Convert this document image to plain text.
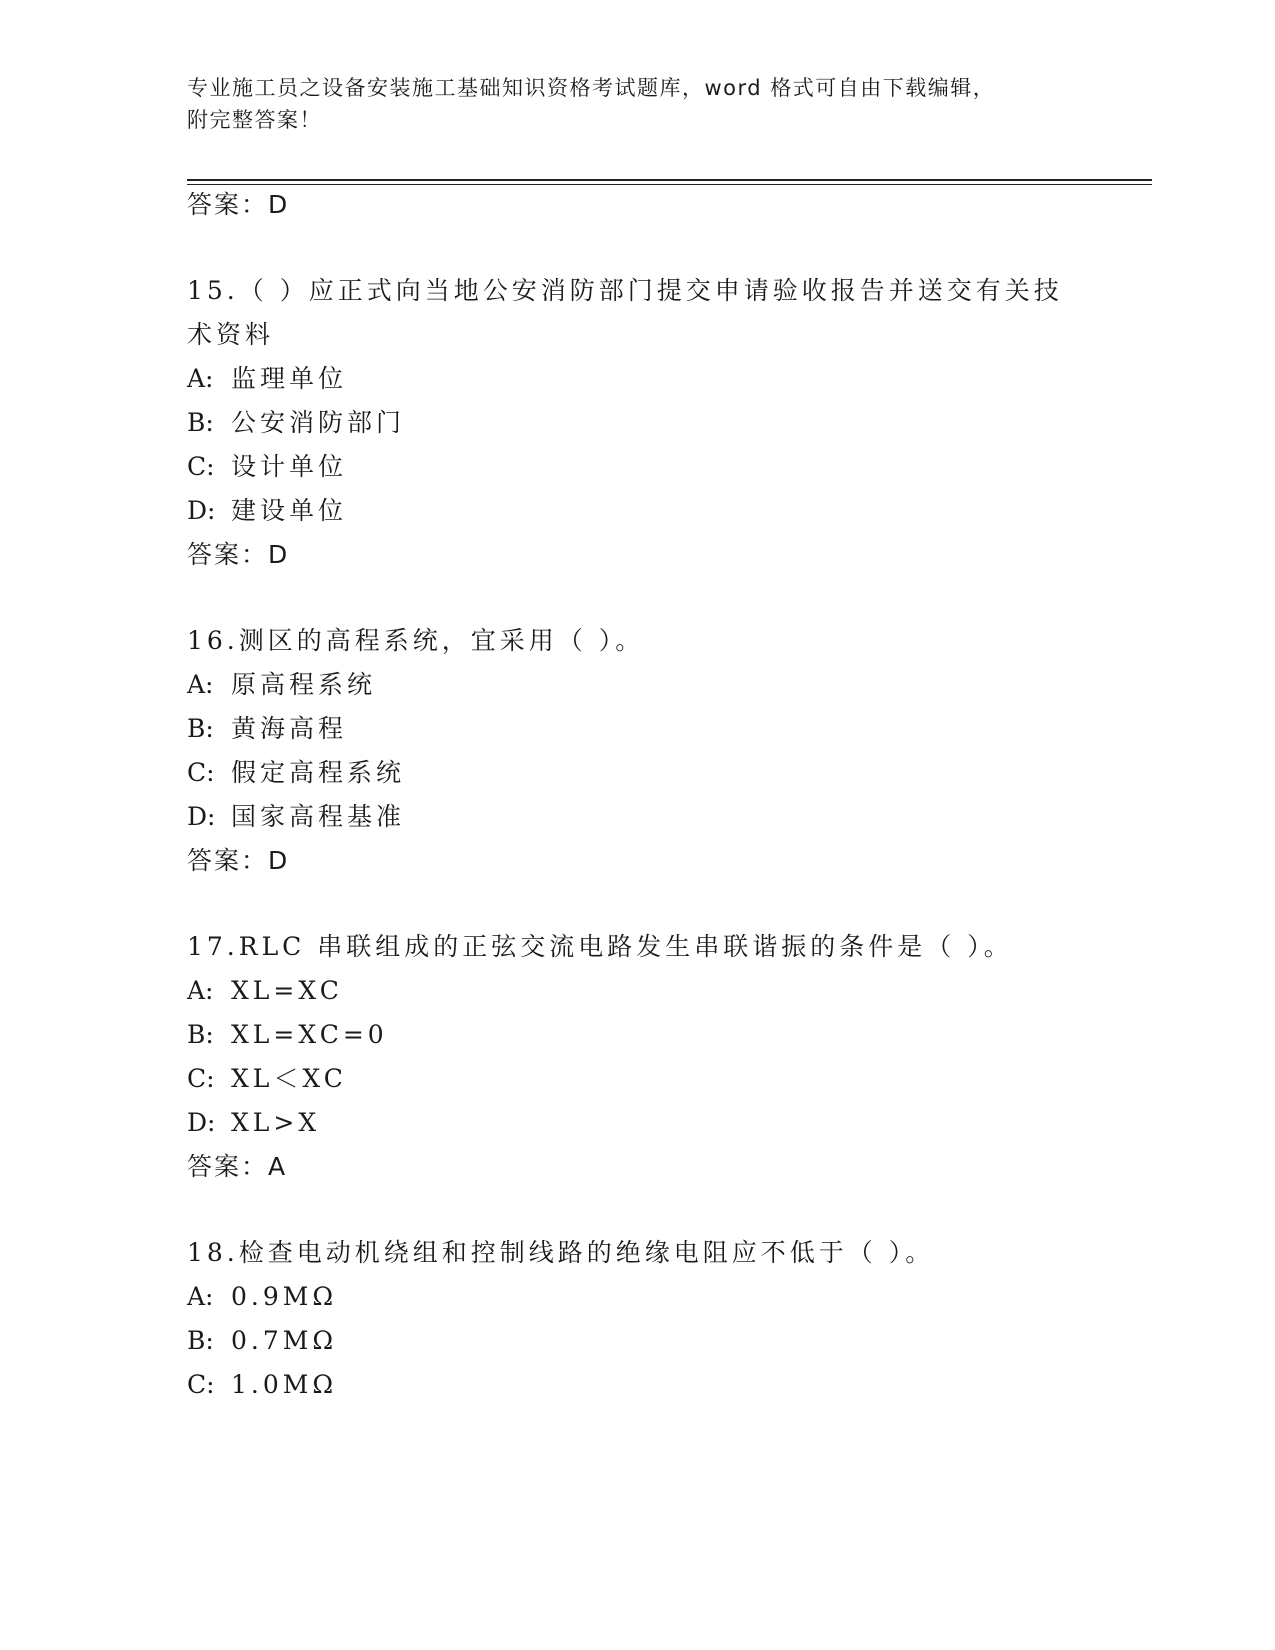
专业施工员之设备安装施工基础知识资格考试题库，word 格式可自由下载编辑，
附完整答案！
答案：D
15.（ ）应正式向当地公安消防部门提交申请验收报告并送交有关技
术资料
A: 监理单位
B: 公安消防部门
C: 设计单位
D: 建设单位
答案：D
16.测区的高程系统，宜采用（ ）。
A: 原高程系统
B: 黄海高程
C: 假定高程系统
D: 国家高程基准
答案：D
17.RLC 串联组成的正弦交流电路发生串联谐振的条件是（ ）。
A: XL=XC
B: XL=XC=0
C: XL＜XC
D: XL>X
答案：A
18.检查电动机绕组和控制线路的绝缘电阻应不低于（ ）。
A: 0.9MΩ
B: 0.7MΩ
C: 1.0MΩ
